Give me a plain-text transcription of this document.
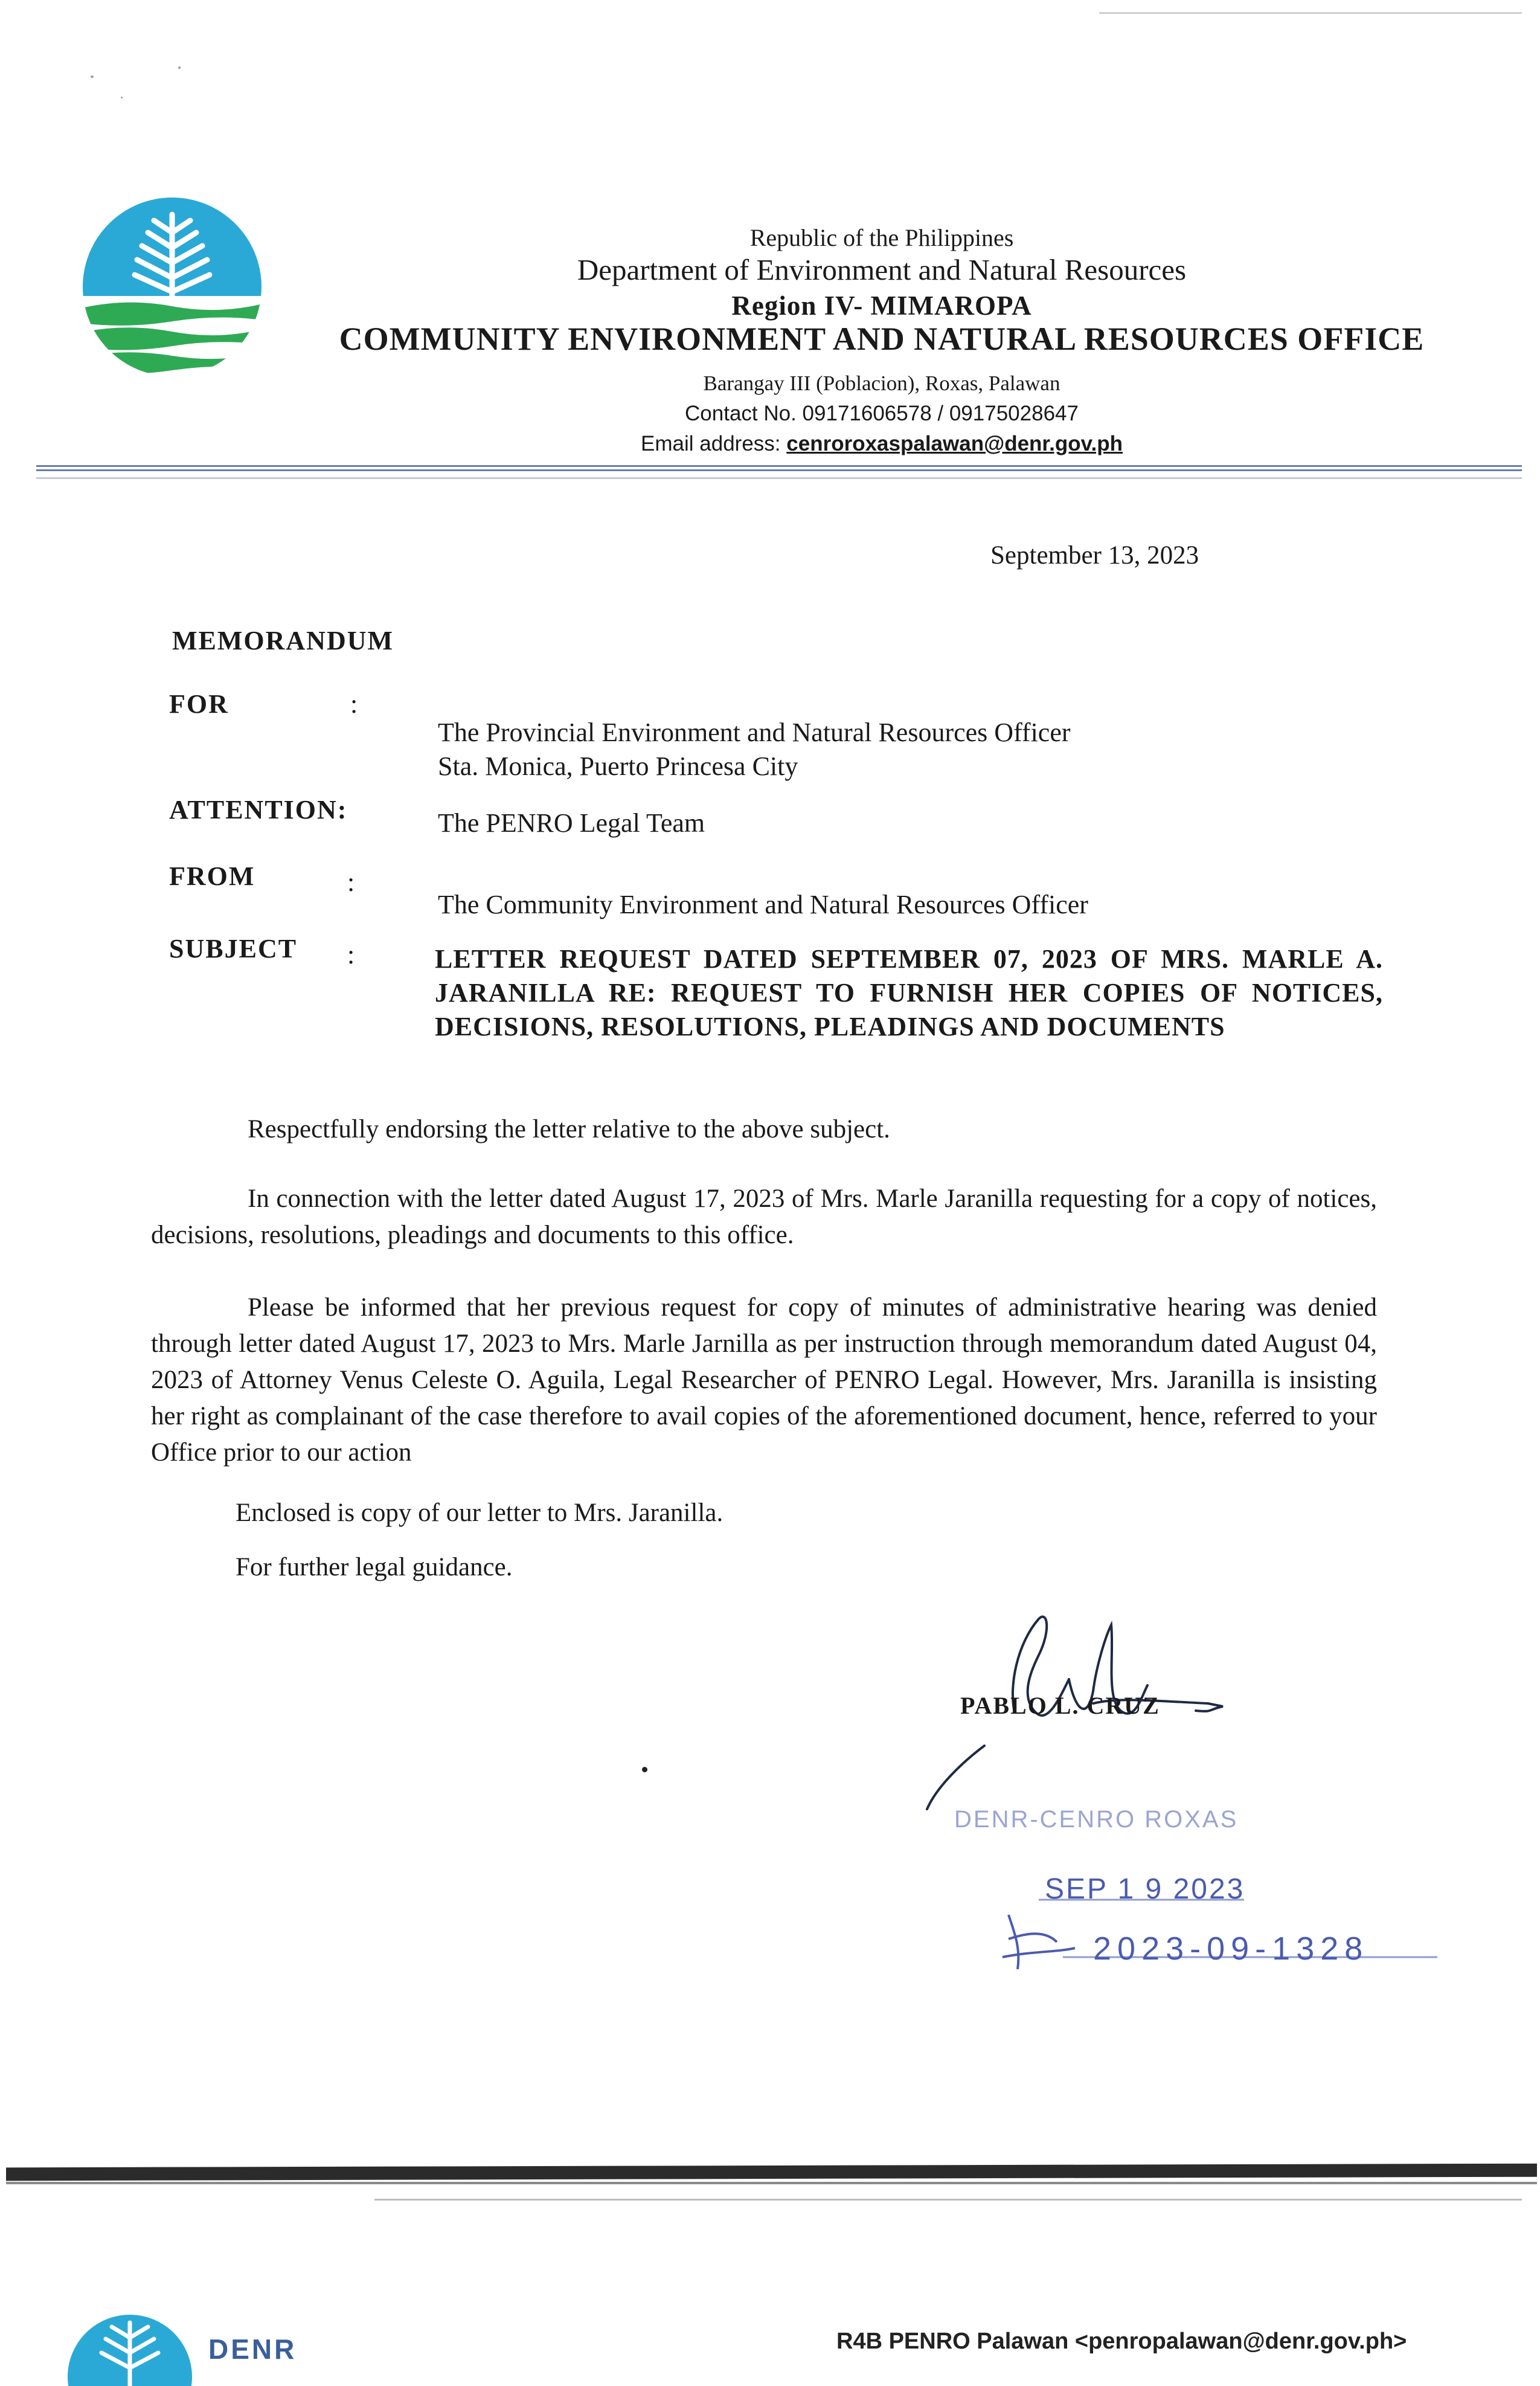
Republic of the Philippines
Department of Environment and Natural Resources
Region IV- MIMAROPA
COMMUNITY ENVIRONMENT AND NATURAL RESOURCES OFFICE
Barangay III (Poblacion), Roxas, Palawan
Contact No. 09171606578 / 09175028647
Email address: cenroroxaspalawan@denr.gov.ph
September 13, 2023
MEMORANDUM
FOR	:
The Provincial Environment and Natural Resources Officer
Sta. Monica, Puerto Princesa City
ATTENTION:	The PENRO Legal Team
FROM	:
The Community Environment and Natural Resources Officer
SUBJECT :	LETTER REQUEST DATED SEPTEMBER 07, 2023 OF MRS. MARLE A. JARANILLA RE: REQUEST TO FURNISH HER COPIES OF NOTICES, DECISIONS, RESOLUTIONS, PLEADINGS AND DOCUMENTS

Respectfully endorsing the letter relative to the above subject.

In connection with the letter dated August 17, 2023 of Mrs. Marle Jaranilla requesting for a copy of notices, decisions, resolutions, pleadings and documents to this office.

Please be informed that her previous request for copy of minutes of administrative hearing was denied through letter dated August 17, 2023 to Mrs. Marle Jarnilla as per instruction through memorandum dated August 04, 2023 of Attorney Venus Celeste O. Aguila, Legal Researcher of PENRO Legal. However, Mrs. Jaranilla is insisting her right as complainant of the case therefore to avail copies of the aforementioned document, hence, referred to your Office prior to our action

Enclosed is copy of our letter to Mrs. Jaranilla.

For further legal guidance.

PABLO L. CRUZ
DENR-CENRO ROXAS
SEP 1 9 2023
2023-09-1328
DENR	R4B PENRO Palawan <penropalawan@denr.gov.ph>
